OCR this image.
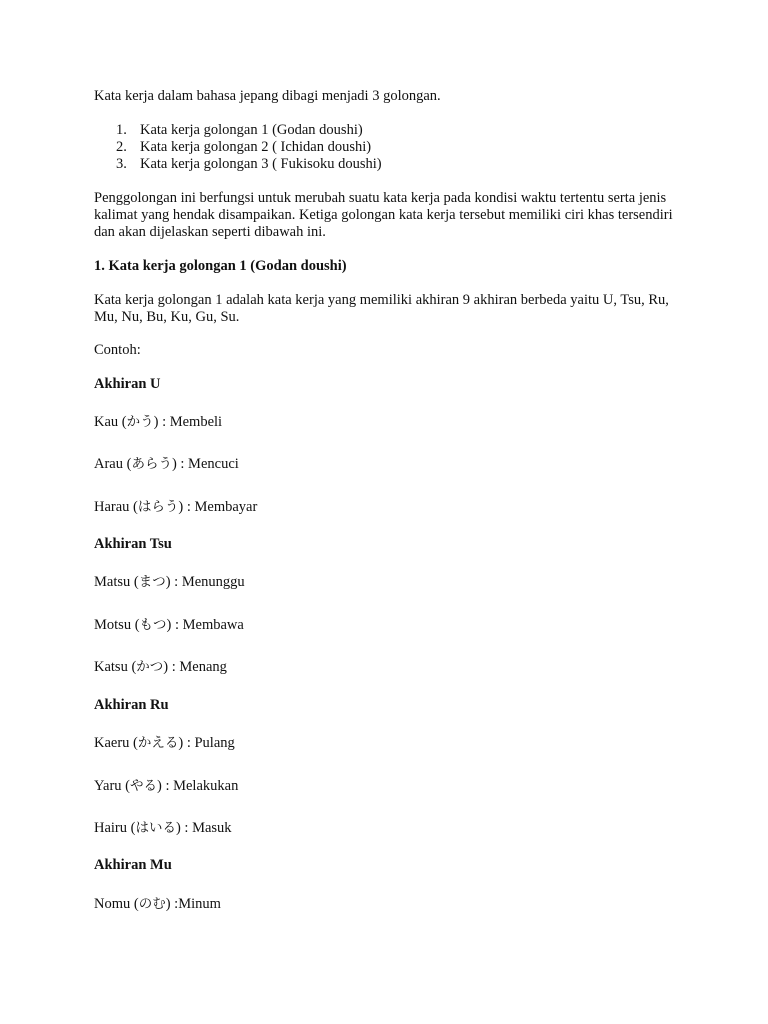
Kata kerja dalam bahasa jepang dibagi menjadi 3 golongan.
1. Kata kerja golongan 1 (Godan doushi)
2. Kata kerja golongan 2 ( Ichidan doushi)
3. Kata kerja golongan 3 ( Fukisoku doushi)
Penggolongan ini berfungsi untuk merubah suatu kata kerja pada kondisi waktu tertentu serta jenis kalimat yang hendak disampaikan. Ketiga golongan kata kerja tersebut memiliki ciri khas tersendiri dan akan dijelaskan seperti dibawah ini.
1. Kata kerja golongan 1 (Godan doushi)
Kata kerja golongan 1 adalah kata kerja yang memiliki akhiran 9 akhiran berbeda yaitu U, Tsu, Ru, Mu, Nu, Bu, Ku, Gu, Su.
Contoh:
Akhiran U
Kau (かう) : Membeli
Arau (あらう) : Mencuci
Harau (はらう) : Membayar
Akhiran Tsu
Matsu (まつ) : Menunggu
Motsu (もつ) : Membawa
Katsu (かつ) : Menang
Akhiran Ru
Kaeru (かえる) : Pulang
Yaru (やる) : Melakukan
Hairu (はいる) : Masuk
Akhiran Mu
Nomu (のむ) :Minum
